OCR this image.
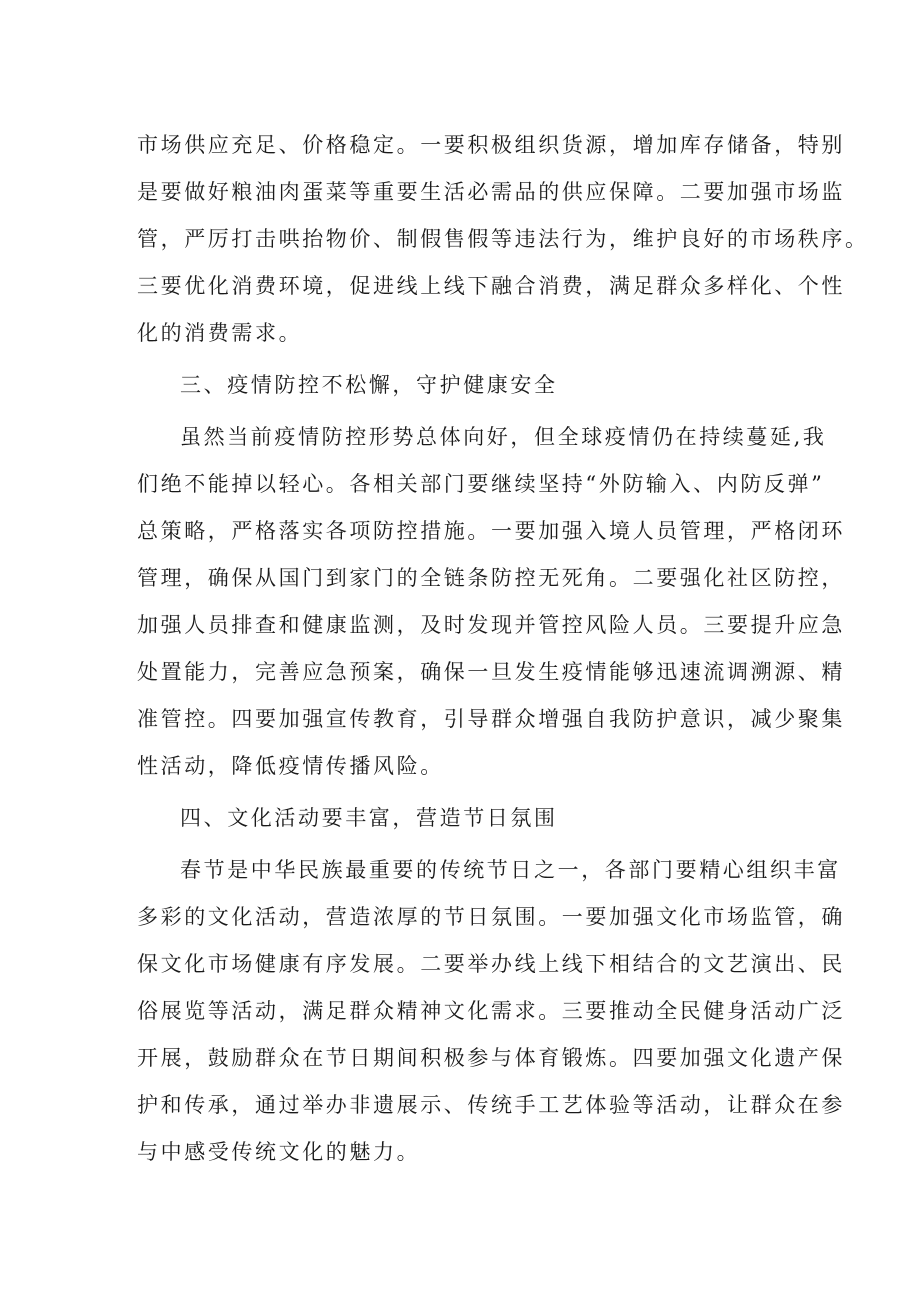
市场供应充足、价格稳定。一要积极组织货源，增加库存储备，特别
是要做好粮油肉蛋菜等重要生活必需品的供应保障。二要加强市场监
管，严厉打击哄抬物价、制假售假等违法行为，维护良好的市场秩序。
三要优化消费环境，促进线上线下融合消费，满足群众多样化、个性
化的消费需求。
三、疫情防控不松懈，守护健康安全
虽然当前疫情防控形势总体向好，但全球疫情仍在持续蔓延,我
们绝不能掉以轻心。各相关部门要继续坚持“外防输入、内防反弹”
总策略，严格落实各项防控措施。一要加强入境人员管理，严格闭环
管理，确保从国门到家门的全链条防控无死角。二要强化社区防控，
加强人员排查和健康监测，及时发现并管控风险人员。三要提升应急
处置能力，完善应急预案，确保一旦发生疫情能够迅速流调溯源、精
准管控。四要加强宣传教育，引导群众增强自我防护意识，减少聚集
性活动，降低疫情传播风险。
四、文化活动要丰富，营造节日氛围
春节是中华民族最重要的传统节日之一，各部门要精心组织丰富
多彩的文化活动，营造浓厚的节日氛围。一要加强文化市场监管，确
保文化市场健康有序发展。二要举办线上线下相结合的文艺演出、民
俗展览等活动，满足群众精神文化需求。三要推动全民健身活动广泛
开展，鼓励群众在节日期间积极参与体育锻炼。四要加强文化遗产保
护和传承，通过举办非遗展示、传统手工艺体验等活动，让群众在参
与中感受传统文化的魅力。
